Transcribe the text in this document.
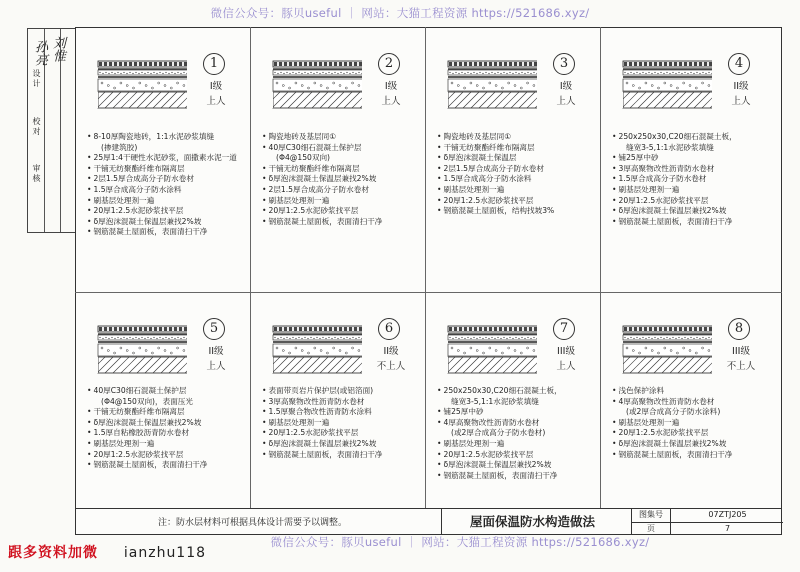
微信公众号：豚贝useful ｜ 网站：大猫工程资源 https://521686.xyz/
审核
校对
设计
孙亮 刘惟
1
I级
上人
• 8-10厚陶瓷地砖，1:1水泥砂浆填缝
(掺建筑胶)
• 25厚1:4干硬性水泥砂浆，面撒素水泥一道
• 干铺无纺聚酯纤维布隔离层
• 2层1.5厚合成高分子防水卷材
• 1.5厚合成高分子防水涂料
• 刷基层处理剂一遍
• 20厚1:2.5水泥砂浆找平层
• δ厚泡沫混凝土保温层兼找2%坡
• 钢筋混凝土屋面板，表面清扫干净
2
I级
上人
• 陶瓷地砖及基层同①
• 40厚C30细石混凝土保护层
(Φ4@150双向)
• 干铺无纺聚酯纤维布隔离层
• δ厚泡沫混凝土保温层兼找2%坡
• 2层1.5厚合成高分子防水卷材
• 刷基层处理剂一遍
• 20厚1:2.5水泥砂浆找平层
• 钢筋混凝土屋面板，表面清扫干净
3
I级
上人
• 陶瓷地砖及基层同①
• 干铺无纺聚酯纤维布隔离层
• δ厚泡沫混凝土保温层
• 2层1.5厚合成高分子防水卷材
• 1.5厚合成高分子防水涂料
• 刷基层处理剂一遍
• 20厚1:2.5水泥砂浆找平层
• 钢筋混凝土屋面板，结构找坡3%
4
II级
上人
• 250x250x30,C20细石混凝土板，
缝宽3-5,1:1水泥砂浆填缝
• 铺25厚中砂
• 3厚高聚物改性沥青防水卷材
• 1.5厚合成高分子防水卷材
• 刷基层处理剂一遍
• 20厚1:2.5水泥砂浆找平层
• δ厚泡沫混凝土保温层兼找2%坡
• 钢筋混凝土屋面板，表面清扫干净
5
II级
上人
• 40厚C30细石混凝土保护层
(Φ4@150双向)，表面压光
• 干铺无纺聚酯纤维布隔离层
• δ厚泡沫混凝土保温层兼找2%坡
• 1.5厚自粘橡胶沥青防水卷材
• 刷基层处理剂一遍
• 20厚1:2.5水泥砂浆找平层
• 钢筋混凝土屋面板，表面清扫干净
6
II级
不上人
• 表面带页岩片保护层(或铝箔面)
• 3厚高聚物改性沥青防水卷材
• 1.5厚聚合物改性沥青防水涂料
• 刷基层处理剂一遍
• 20厚1:2.5水泥砂浆找平层
• δ厚泡沫混凝土保温层兼找2%坡
• 钢筋混凝土屋面板，表面清扫干净
7
III级
上人
• 250x250x30,C20细石混凝土板，
缝宽3-5,1:1水泥砂浆填缝
• 铺25厚中砂
• 4厚高聚物改性沥青防水卷材
(或2厚合成高分子防水卷材)
• 刷基层处理剂一遍
• 20厚1:2.5水泥砂浆找平层
• δ厚泡沫混凝土保温层兼找2%坡
• 钢筋混凝土屋面板，表面清扫干净
8
III级
不上人
• 浅色保护涂料
• 4厚高聚物改性沥青防水卷材
(或2厚合成高分子防水涂料)
• 刷基层处理剂一遍
• 20厚1:2.5水泥砂浆找平层
• δ厚泡沫混凝土保温层兼找2%坡
• 钢筋混凝土屋面板，表面清扫干净
注：防水层材料可根据具体设计需要予以调整。	屋面保温防水构造做法	图集号	07ZTJ205
页	7
微信公众号：豚贝useful ｜ 网站：大猫工程资源 https://521686.xyz/
跟多资料加微 ianzhu118
